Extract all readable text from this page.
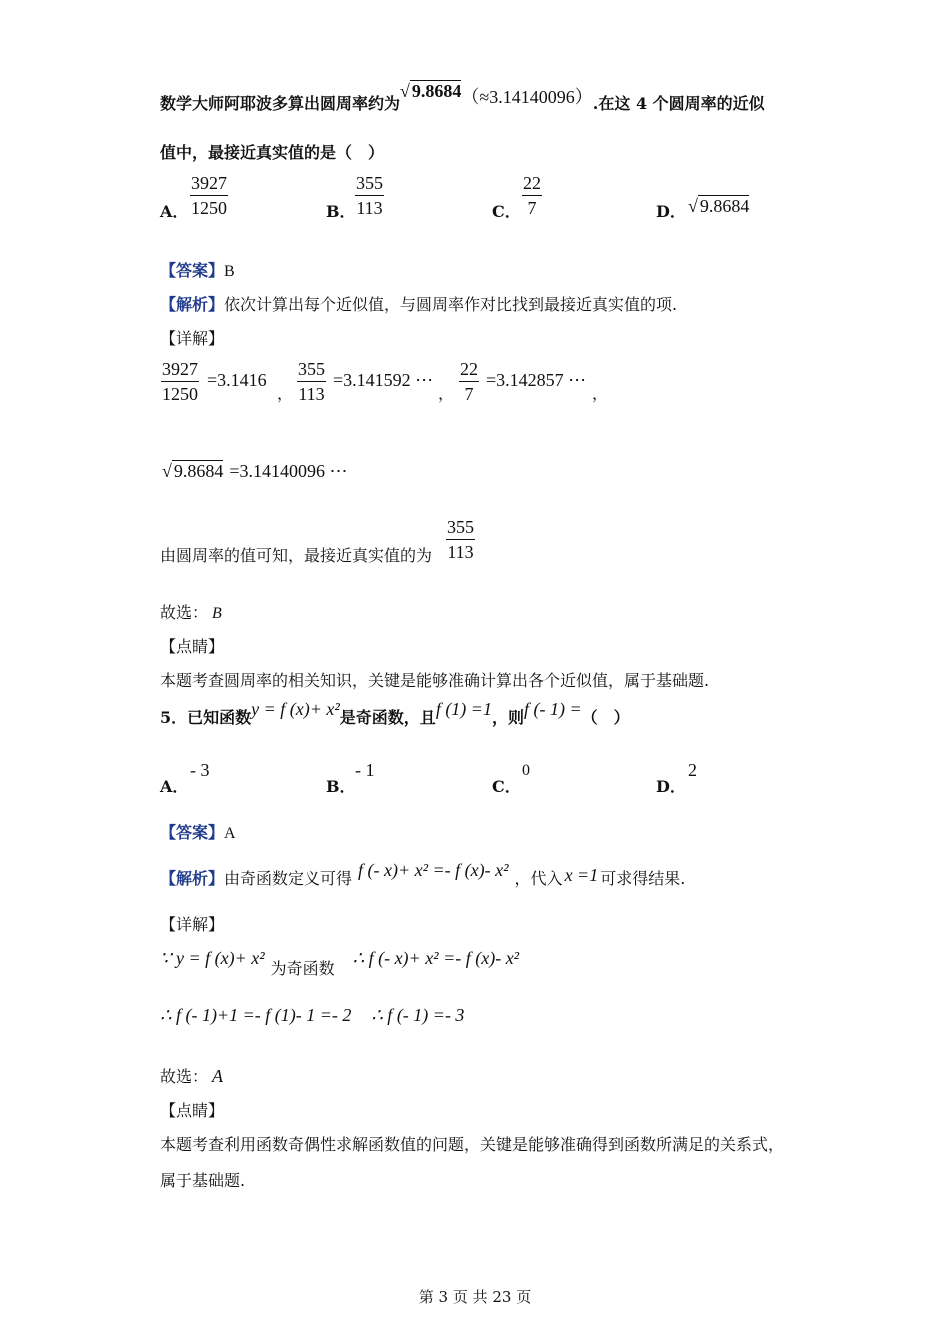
数学大师阿耶波多算出圆周率约为√ 9.8684（≈3.14140096）.在这 4 个圆周率的近似
值中，最接近真实值的是（　）
A． $\frac{3927}{1250}$	B． $\frac{355}{113}$	C． $\frac{22}{7}$	D． √ 9.8684
【答案】B
【解析】依次计算出每个近似值，与圆周率作对比找到最接近真实值的项.
【详解】
$\frac{3927}{1250} =3.1416$
， $\frac{355}{113} =3.141592$ ⋯
， $\frac{22}{7} =3.142857$ ⋯
，
√ 9.8684 =3.14140096 ⋯
由圆周率的值可知，最接近真实值的为 $\frac{355}{113}$
故选： B
【点睛】
本题考查圆周率的相关知识，关键是能够准确计算出各个近似值，属于基础题.
5．已知函数y = f (x)+ x²是奇函数，且f (1) =1，则f (- 1) =（　）
A．
- 3
B．
- 1
C．
0
D．
2
【答案】A
【解析】由奇函数定义可得 f (- x)+ x² =- f (x)- x² ，代入 x =1 可求得结果.
【详解】
∵ y = f (x)+ x²为奇函数∴ f (- x)+ x² =- f (x)- x²
∴ f (- 1)+1 =- f (1)- 1 =- 2 ∴ f (- 1) =- 3
故选： A
【点睛】
本题考查利用函数奇偶性求解函数值的问题，关键是能够准确得到函数所满足的关系式，
属于基础题.
第 3 页 共 23 页
